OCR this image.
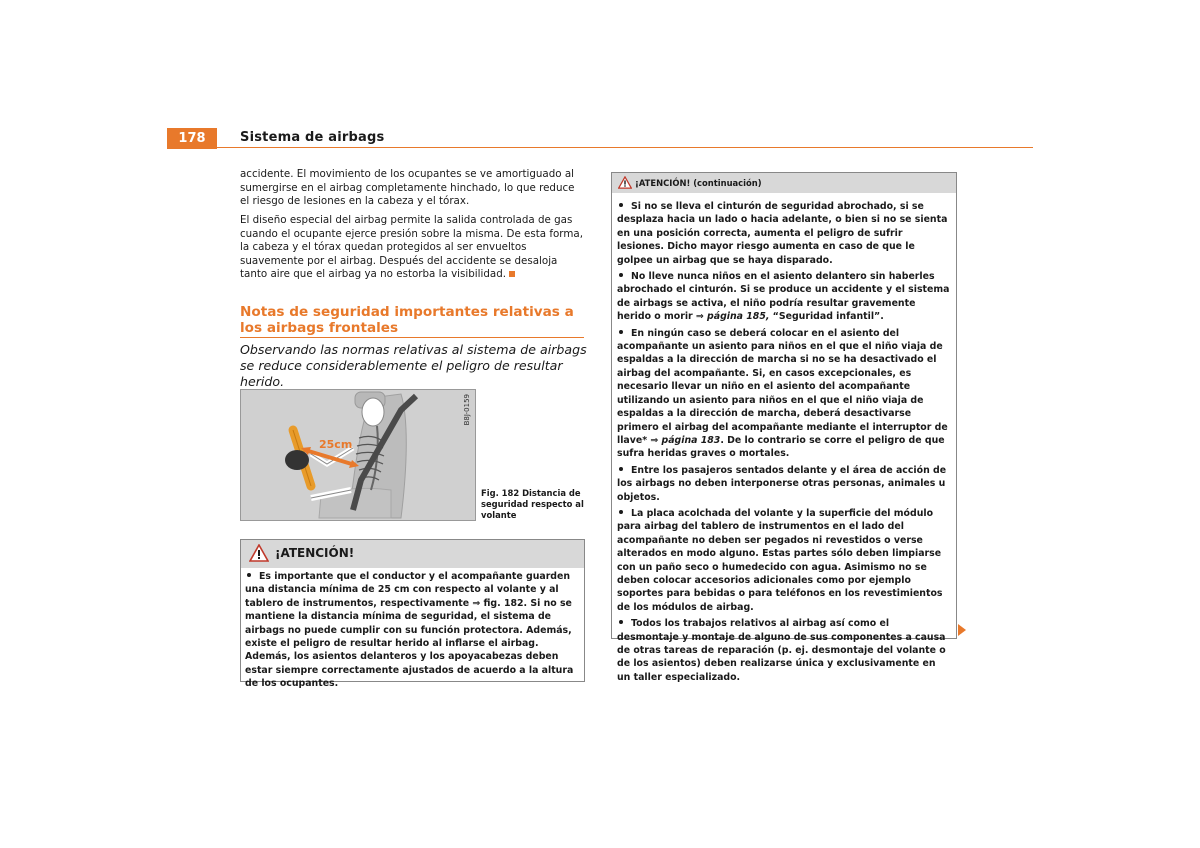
178	Sistema de airbags
accidente. El movimiento de los ocupantes se ve amortiguado al sumergirse en el airbag completamente hinchado, lo que reduce el riesgo de lesiones en la cabeza y el tórax.
El diseño especial del airbag permite la salida controlada de gas cuando el ocupante ejerce presión sobre la misma. De esta forma, la cabeza y el tórax quedan protegidos al ser envueltos suavemente por el airbag. Después del accidente se desaloja tanto aire que el airbag ya no estorba la visibilidad.
Notas de seguridad importantes relativas a los airbags frontales
Observando las normas relativas al sistema de airbags se reduce considerablemente el peligro de resultar herido.
25cm
B8J-0159
Fig. 182 Distancia de seguridad respecto al volante
¡ATENCIÓN!
Es importante que el conductor y el acompañante guarden una distancia mínima de 25 cm con respecto al volante y al tablero de instrumentos, respectivamente ⇒ fig. 182. Si no se mantiene la distancia mínima de seguridad, el sistema de airbags no puede cumplir con su función protectora. Además, existe el peligro de resultar herido al inflarse el airbag. Además, los asientos delanteros y los apoyacabezas deben estar siempre correctamente ajustados de acuerdo a la altura de los ocupantes.
¡ATENCIÓN! (continuación)

Si no se lleva el cinturón de seguridad abrochado, si se desplaza hacia un lado o hacia adelante, o bien si no se sienta en una posición correcta, aumenta el peligro de sufrir lesiones. Dicho mayor riesgo aumenta en caso de que le golpee un airbag que se haya disparado.

No lleve nunca niños en el asiento delantero sin haberles abrochado el cinturón. Si se produce un accidente y el sistema de airbags se activa, el niño podría resultar gravemente herido o morir ⇒ página 185, “Seguridad infantil”.

En ningún caso se deberá colocar en el asiento del acompañante un asiento para niños en el que el niño viaja de espaldas a la dirección de marcha si no se ha desactivado el airbag del acompañante. Si, en casos excepcionales, es necesario llevar un niño en el asiento del acompañante utilizando un asiento para niños en el que el niño viaja de espaldas a la dirección de marcha, deberá desactivarse primero el airbag del acompañante mediante el interruptor de llave* ⇒ página 183. De lo contrario se corre el peligro de que sufra heridas graves o mortales.

Entre los pasajeros sentados delante y el área de acción de los airbags no deben interponerse otras personas, animales u objetos.

La placa acolchada del volante y la superficie del módulo para airbag del tablero de instrumentos en el lado del acompañante no deben ser pegados ni revestidos o verse alterados en modo alguno. Estas partes sólo deben limpiarse con un paño seco o humedecido con agua. Asimismo no se deben colocar accesorios adicionales como por ejemplo soportes para bebidas o para teléfonos en los revestimientos de los módulos de airbag.

Todos los trabajos relativos al airbag así como el desmontaje y montaje de alguno de sus componentes a causa de otras tareas de reparación (p. ej. desmontaje del volante o de los asientos) deben realizarse única y exclusivamente en un taller especializado.
